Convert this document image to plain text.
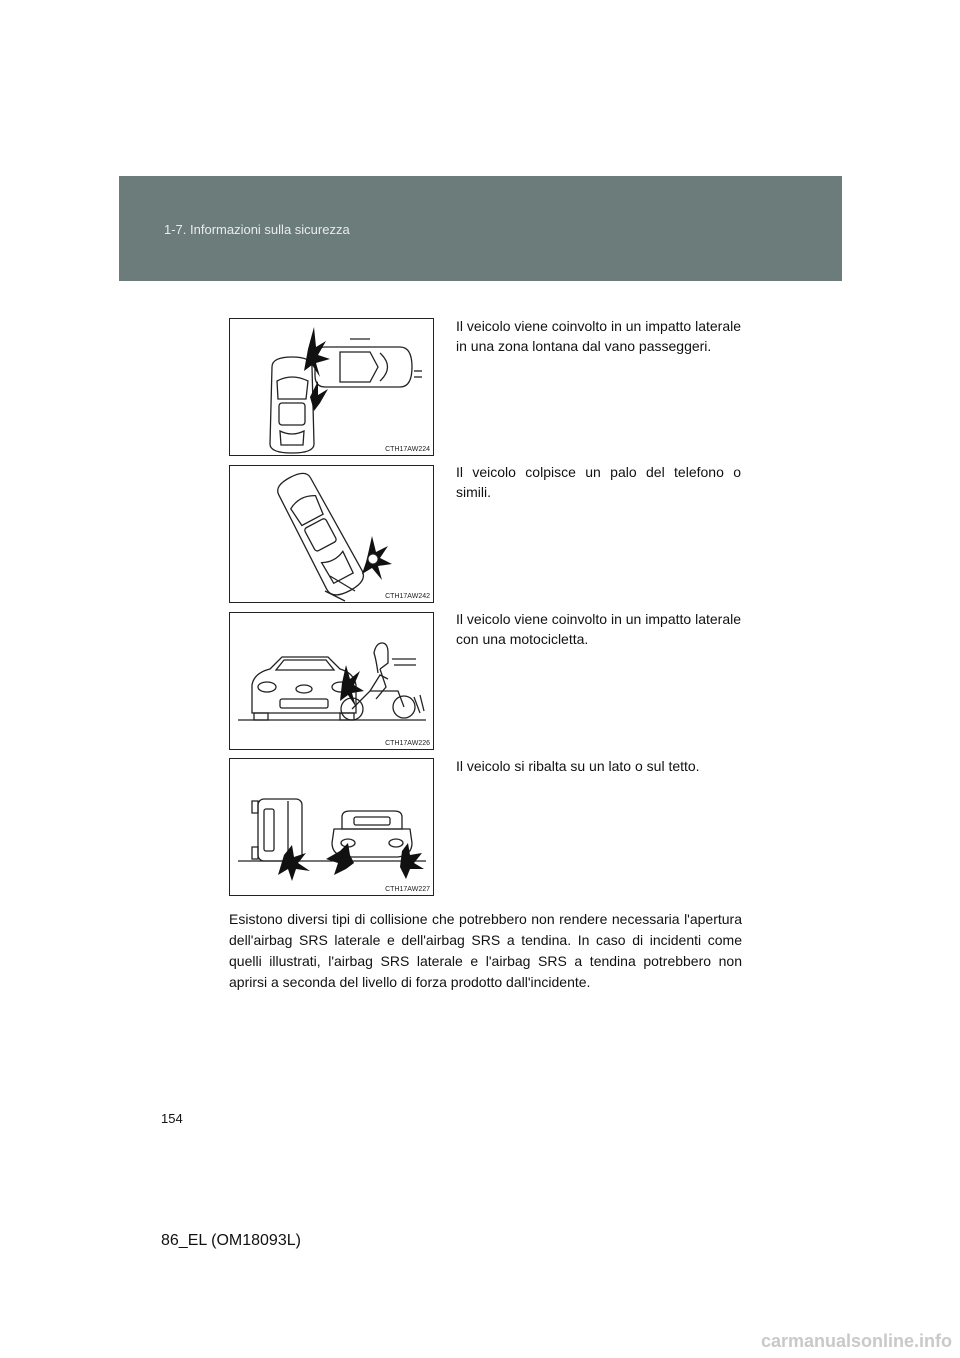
1-7. Informazioni sulla sicurezza
CTH17AW224
Il veicolo viene coinvolto in un impatto laterale in una zona lontana dal vano passeggeri.
CTH17AW242
Il veicolo colpisce un palo del telefono o simili.
CTH17AW226
Il veicolo viene coinvolto in un impatto laterale con una motocicletta.
CTH17AW227
Il veicolo si ribalta su un lato o sul tetto.
Esistono diversi tipi di collisione che potrebbero non rendere necessaria l'apertura dell'airbag SRS laterale e dell'airbag SRS a tendina. In caso di incidenti come quelli illustrati, l'airbag SRS laterale e l'airbag SRS a tendina potrebbero non aprirsi a seconda del livello di forza prodotto dall'incidente.
154
86_EL (OM18093L)
carmanualsonline.info
